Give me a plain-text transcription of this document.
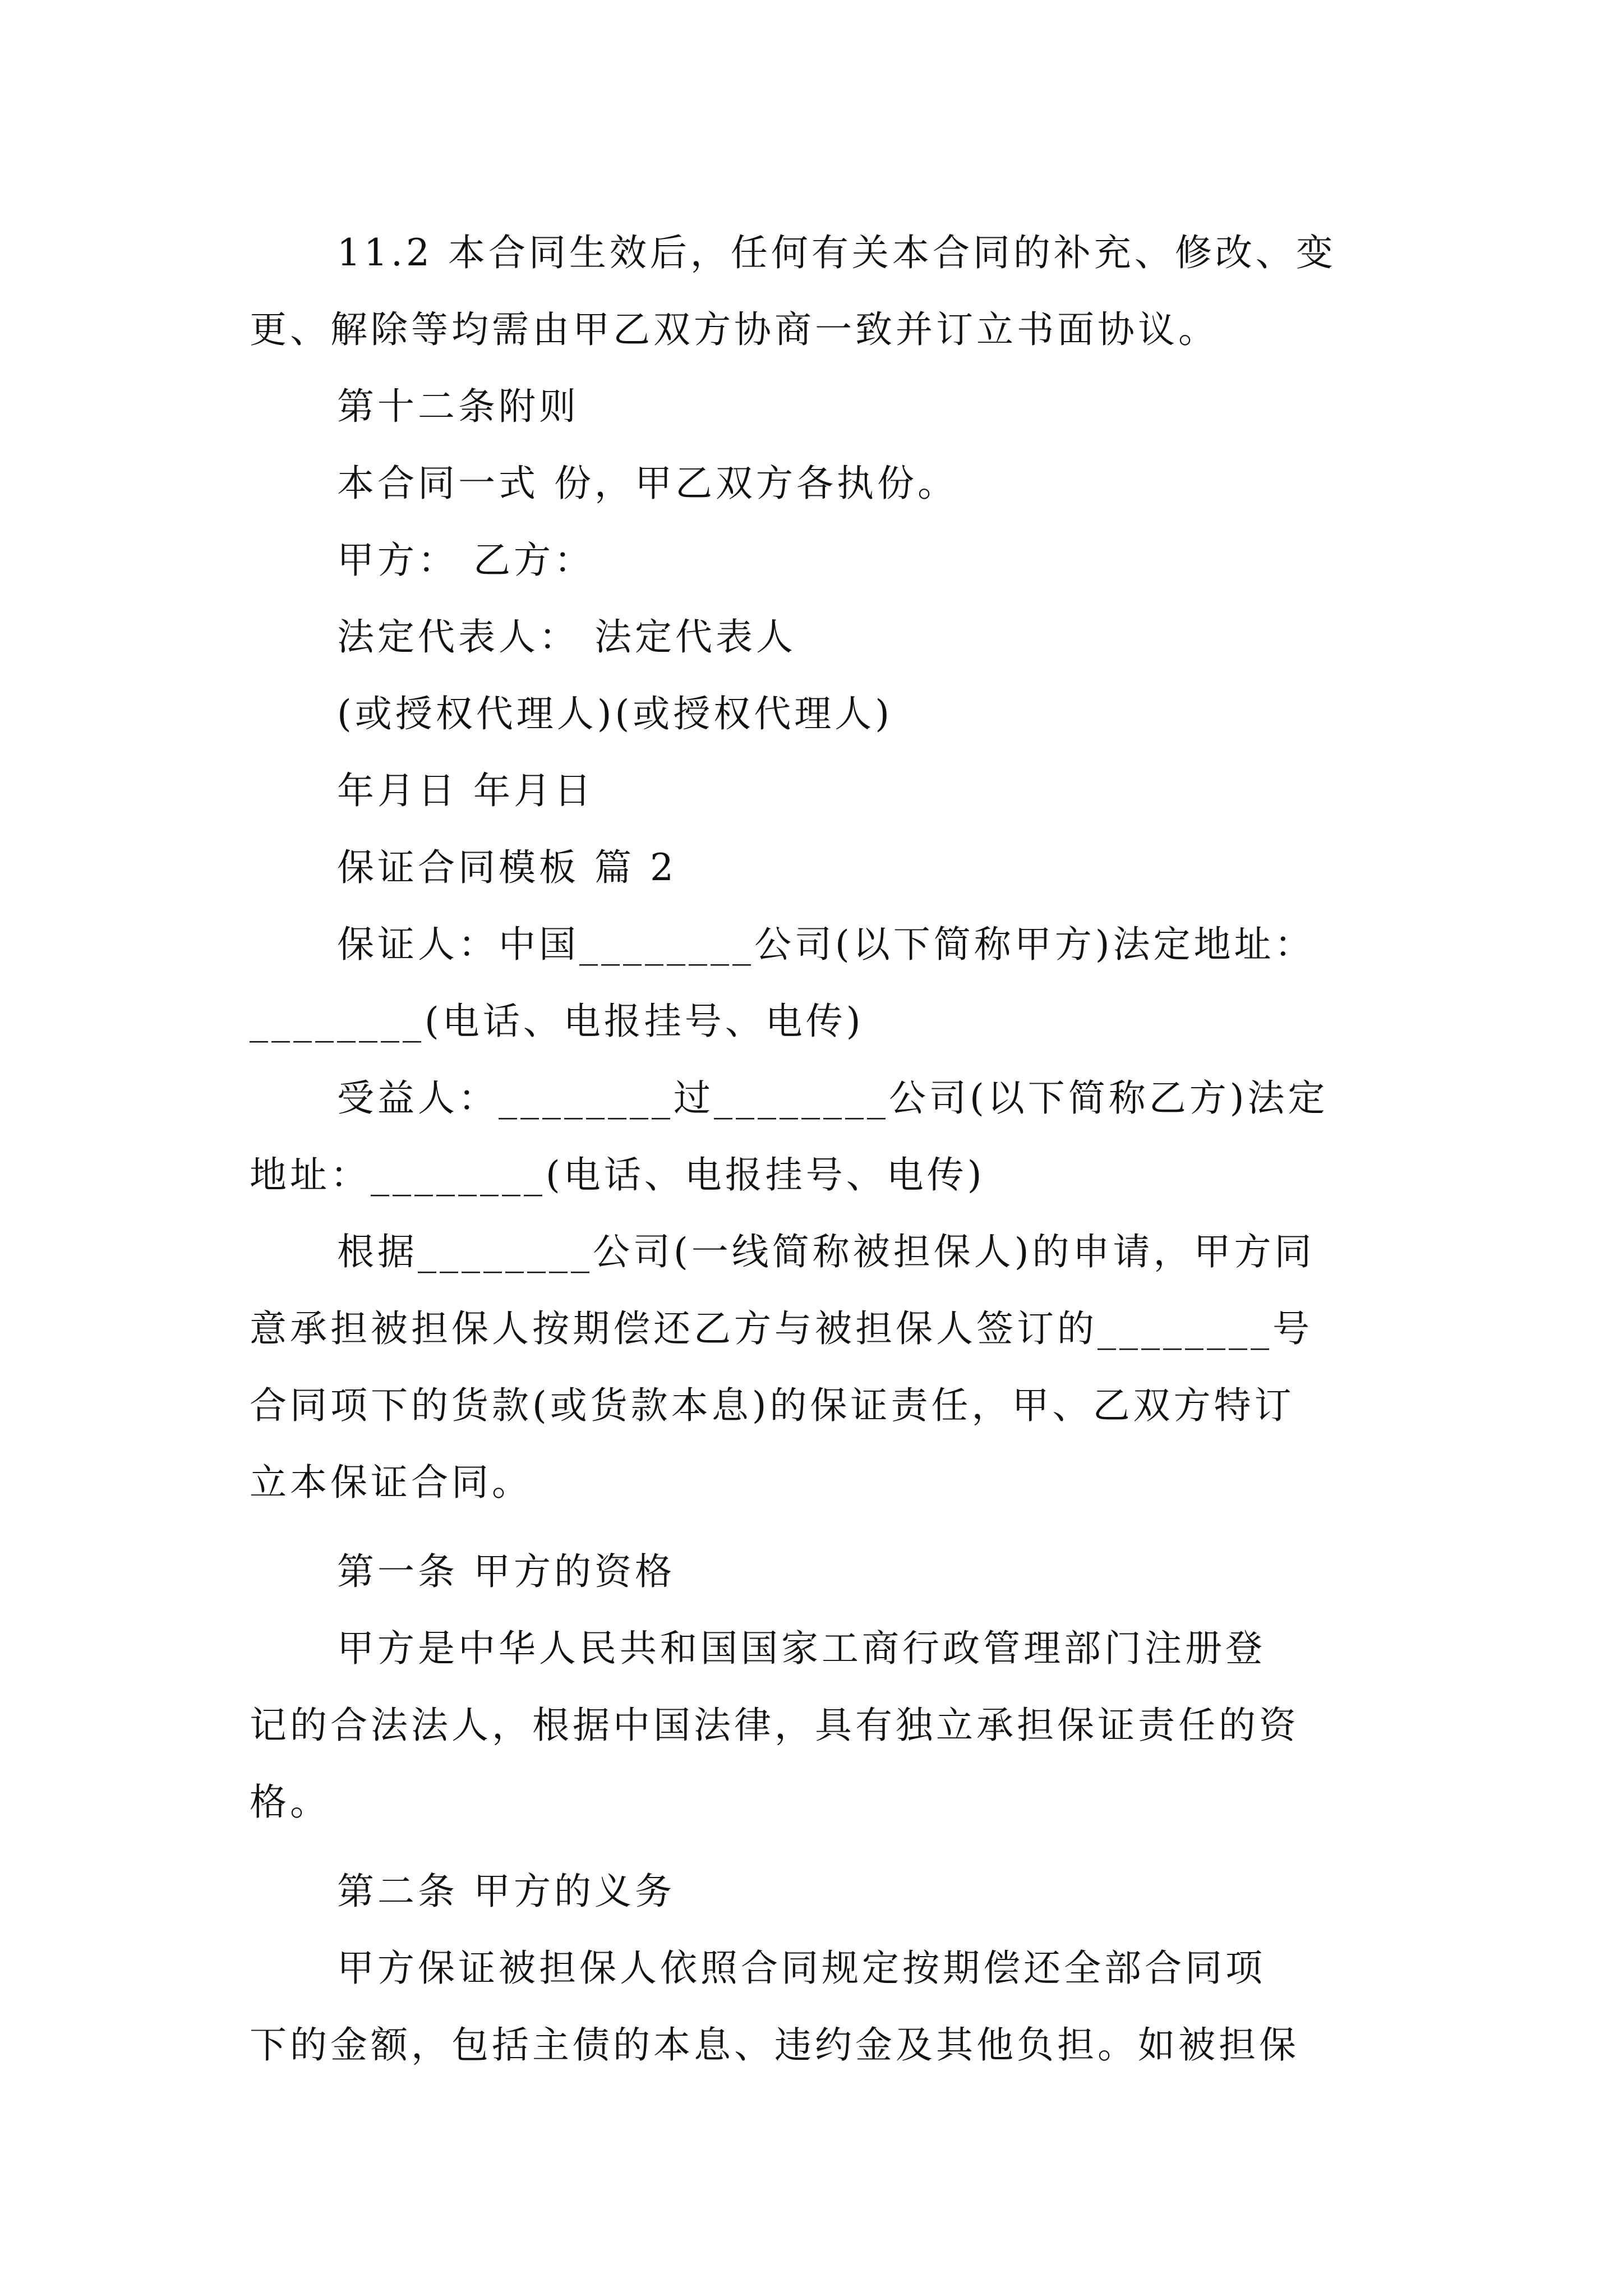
11.2 本合同生效后，任何有关本合同的补充、修改、变
更、解除等均需由甲乙双方协商一致并订立书面协议。
第十二条附则
本合同一式 份，甲乙双方各执份。
甲方： 乙方：
法定代表人： 法定代表人
(或授权代理人)(或授权代理人)
年月日 年月日
保证合同模板 篇 2
保证人：中国________公司(以下简称甲方)法定地址：
________(电话、电报挂号、电传)
受益人：________过________公司(以下简称乙方)法定
地址：________(电话、电报挂号、电传)
根据________公司(一线简称被担保人)的申请，甲方同
意承担被担保人按期偿还乙方与被担保人签订的________号
合同项下的货款(或货款本息)的保证责任，甲、乙双方特订
立本保证合同。
第一条 甲方的资格
甲方是中华人民共和国国家工商行政管理部门注册登
记的合法法人，根据中国法律，具有独立承担保证责任的资
格。
第二条 甲方的义务
甲方保证被担保人依照合同规定按期偿还全部合同项
下的金额，包括主债的本息、违约金及其他负担。如被担保
